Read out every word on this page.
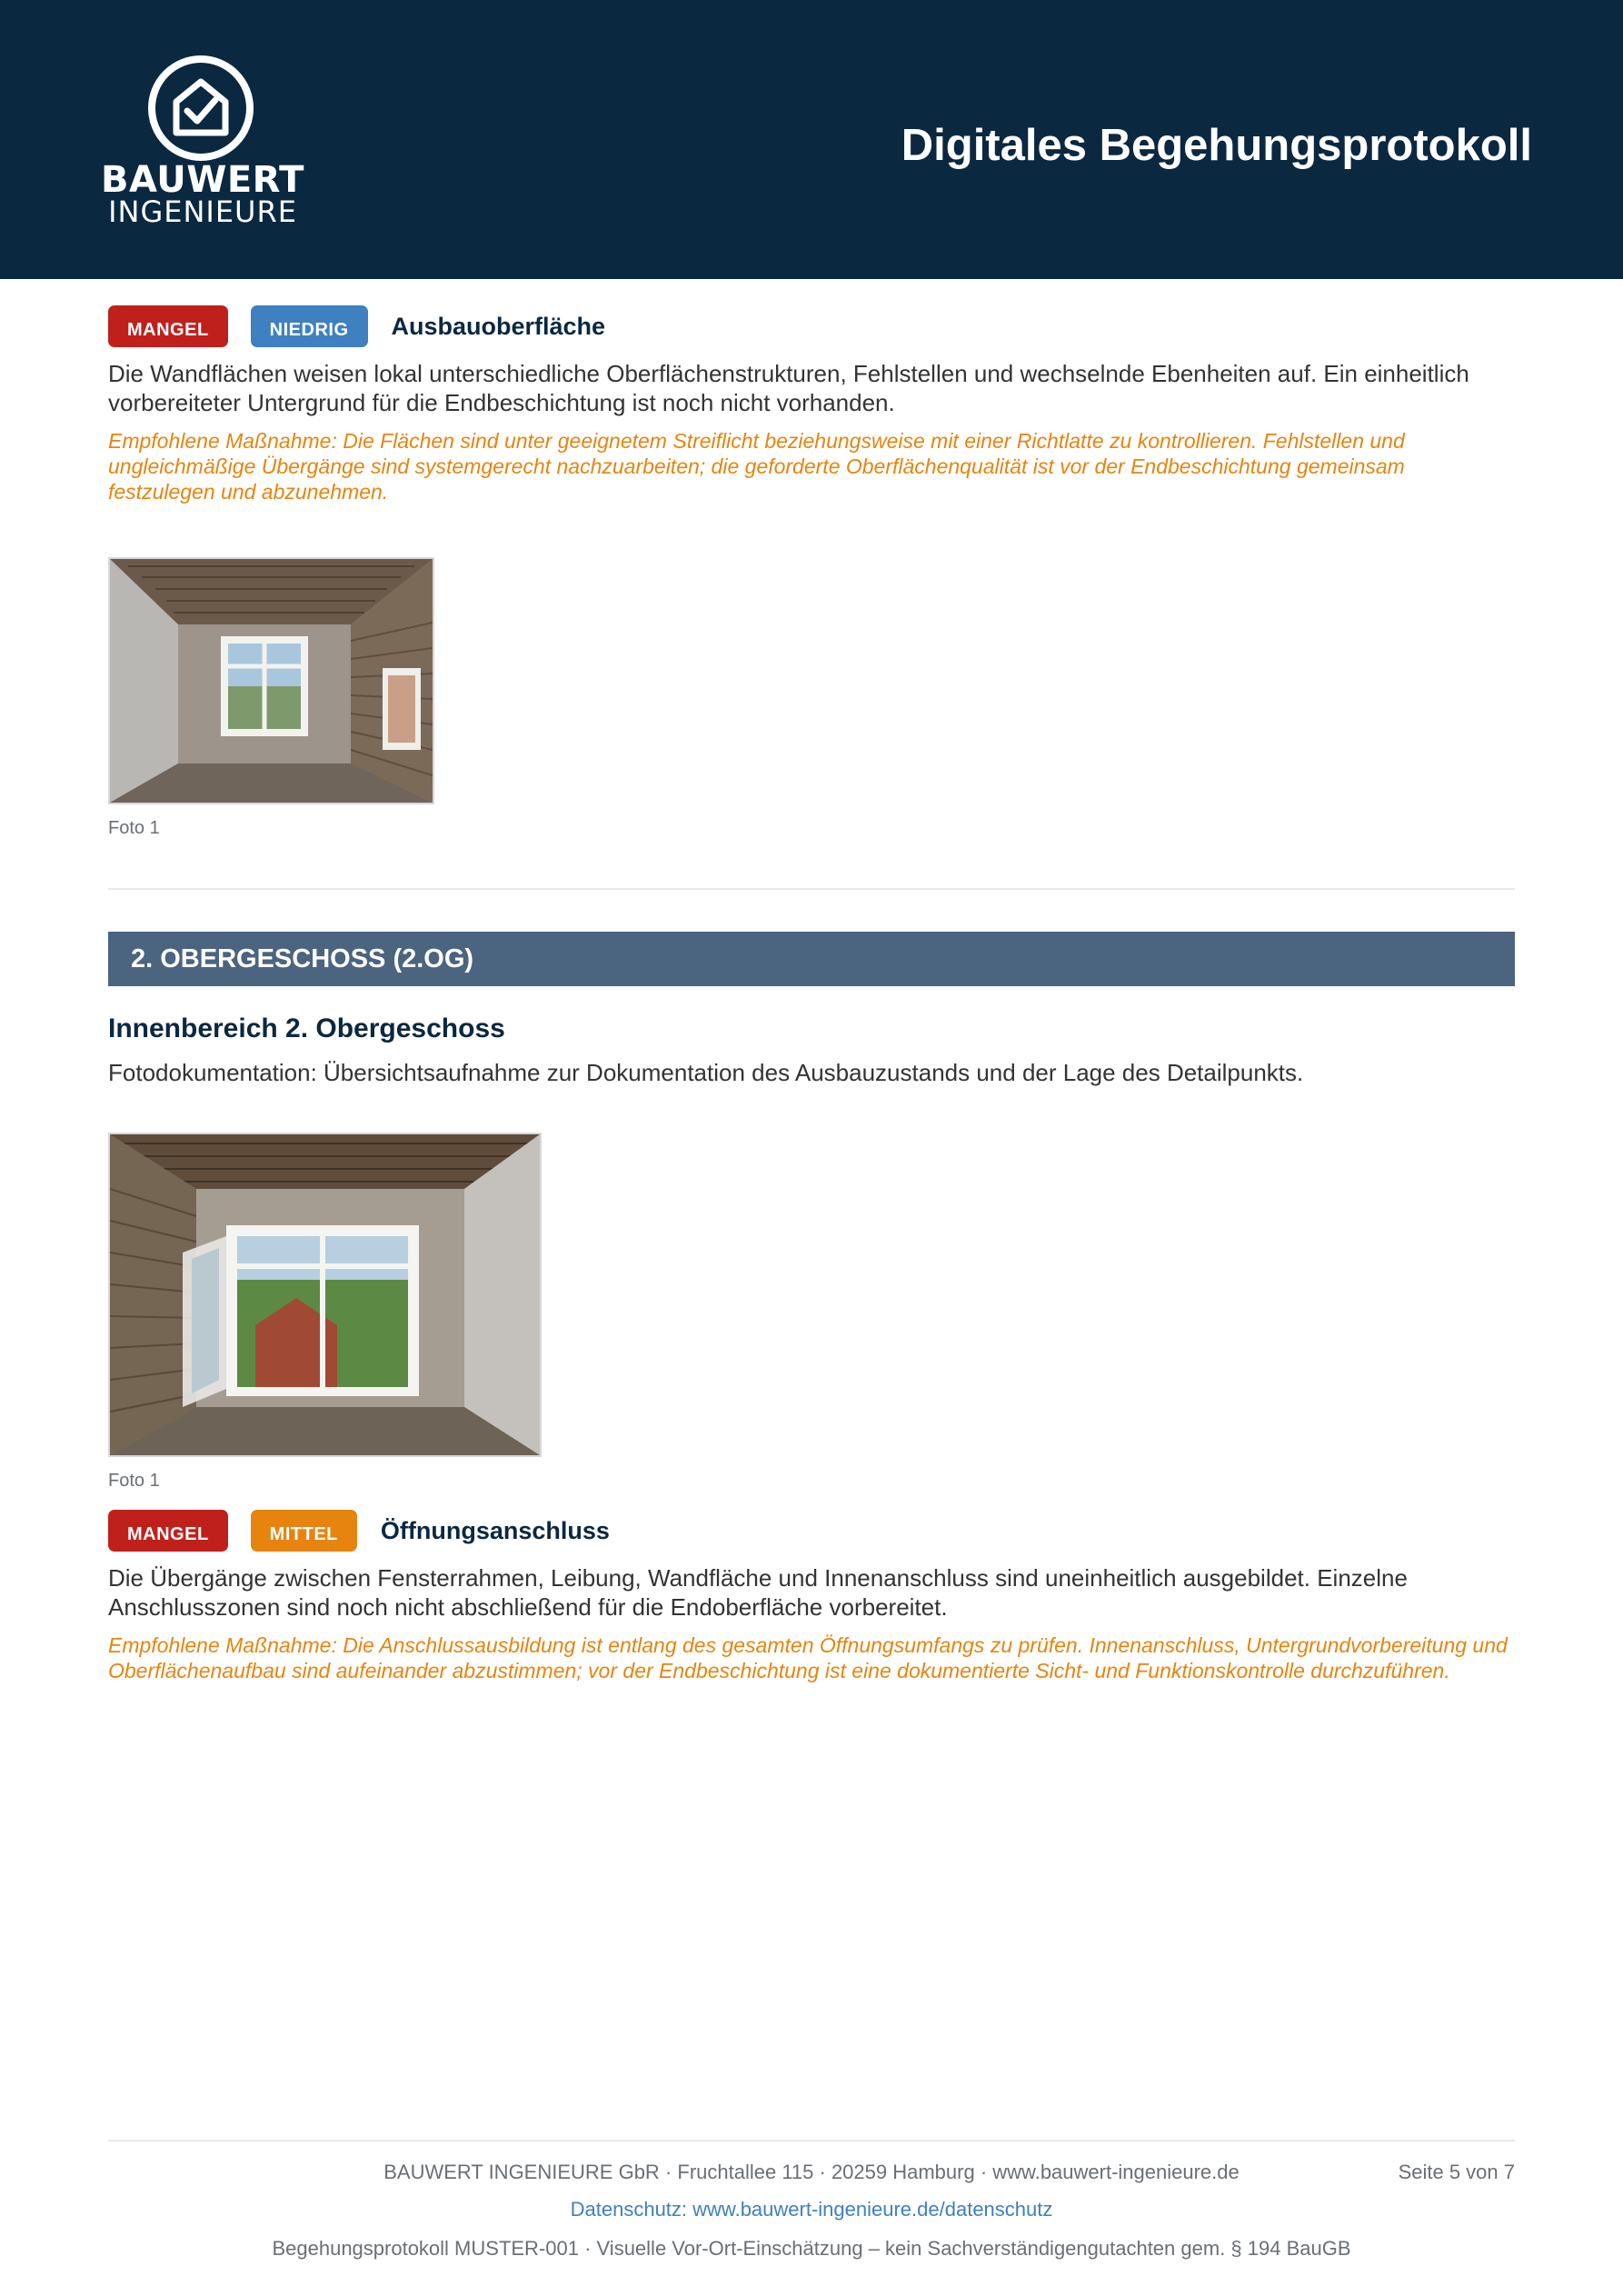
BAUWERT
INGENIEURE
Digitales Begehungsprotokoll
MANGEL	NIEDRIG	Ausbauoberfläche
Die Wandflächen weisen lokal unterschiedliche Oberflächenstrukturen, Fehlstellen und wechselnde Ebenheiten auf. Ein einheitlich vorbereiteter Untergrund für die Endbeschichtung ist noch nicht vorhanden.
Empfohlene Maßnahme: Die Flächen sind unter geeignetem Streiflicht beziehungsweise mit einer Richtlatte zu kontrollieren. Fehlstellen und ungleichmäßige Übergänge sind systemgerecht nachzuarbeiten; die geforderte Oberflächenqualität ist vor der Endbeschichtung gemeinsam festzulegen und abzunehmen.
Foto 1
2. OBERGESCHOSS (2.OG)
Innenbereich 2. Obergeschoss
Fotodokumentation: Übersichtsaufnahme zur Dokumentation des Ausbauzustands und der Lage des Detailpunkts.
Foto 1
MANGEL	MITTEL	Öffnungsanschluss
Die Übergänge zwischen Fensterrahmen, Leibung, Wandfläche und Innenanschluss sind uneinheitlich ausgebildet. Einzelne Anschlusszonen sind noch nicht abschließend für die Endoberfläche vorbereitet.
Empfohlene Maßnahme: Die Anschlussausbildung ist entlang des gesamten Öffnungsumfangs zu prüfen. Innenanschluss, Untergrundvorbereitung und Oberflächenaufbau sind aufeinander abzustimmen; vor der Endbeschichtung ist eine dokumentierte Sicht- und Funktionskontrolle durchzuführen.
BAUWERT INGENIEURE GbR · Fruchtallee 115 · 20259 Hamburg · www.bauwert-ingenieure.de	Seite 5 von 7
Datenschutz: www.bauwert-ingenieure.de/datenschutz
Begehungsprotokoll MUSTER-001 · Visuelle Vor-Ort-Einschätzung – kein Sachverständigengutachten gem. § 194 BauGB
